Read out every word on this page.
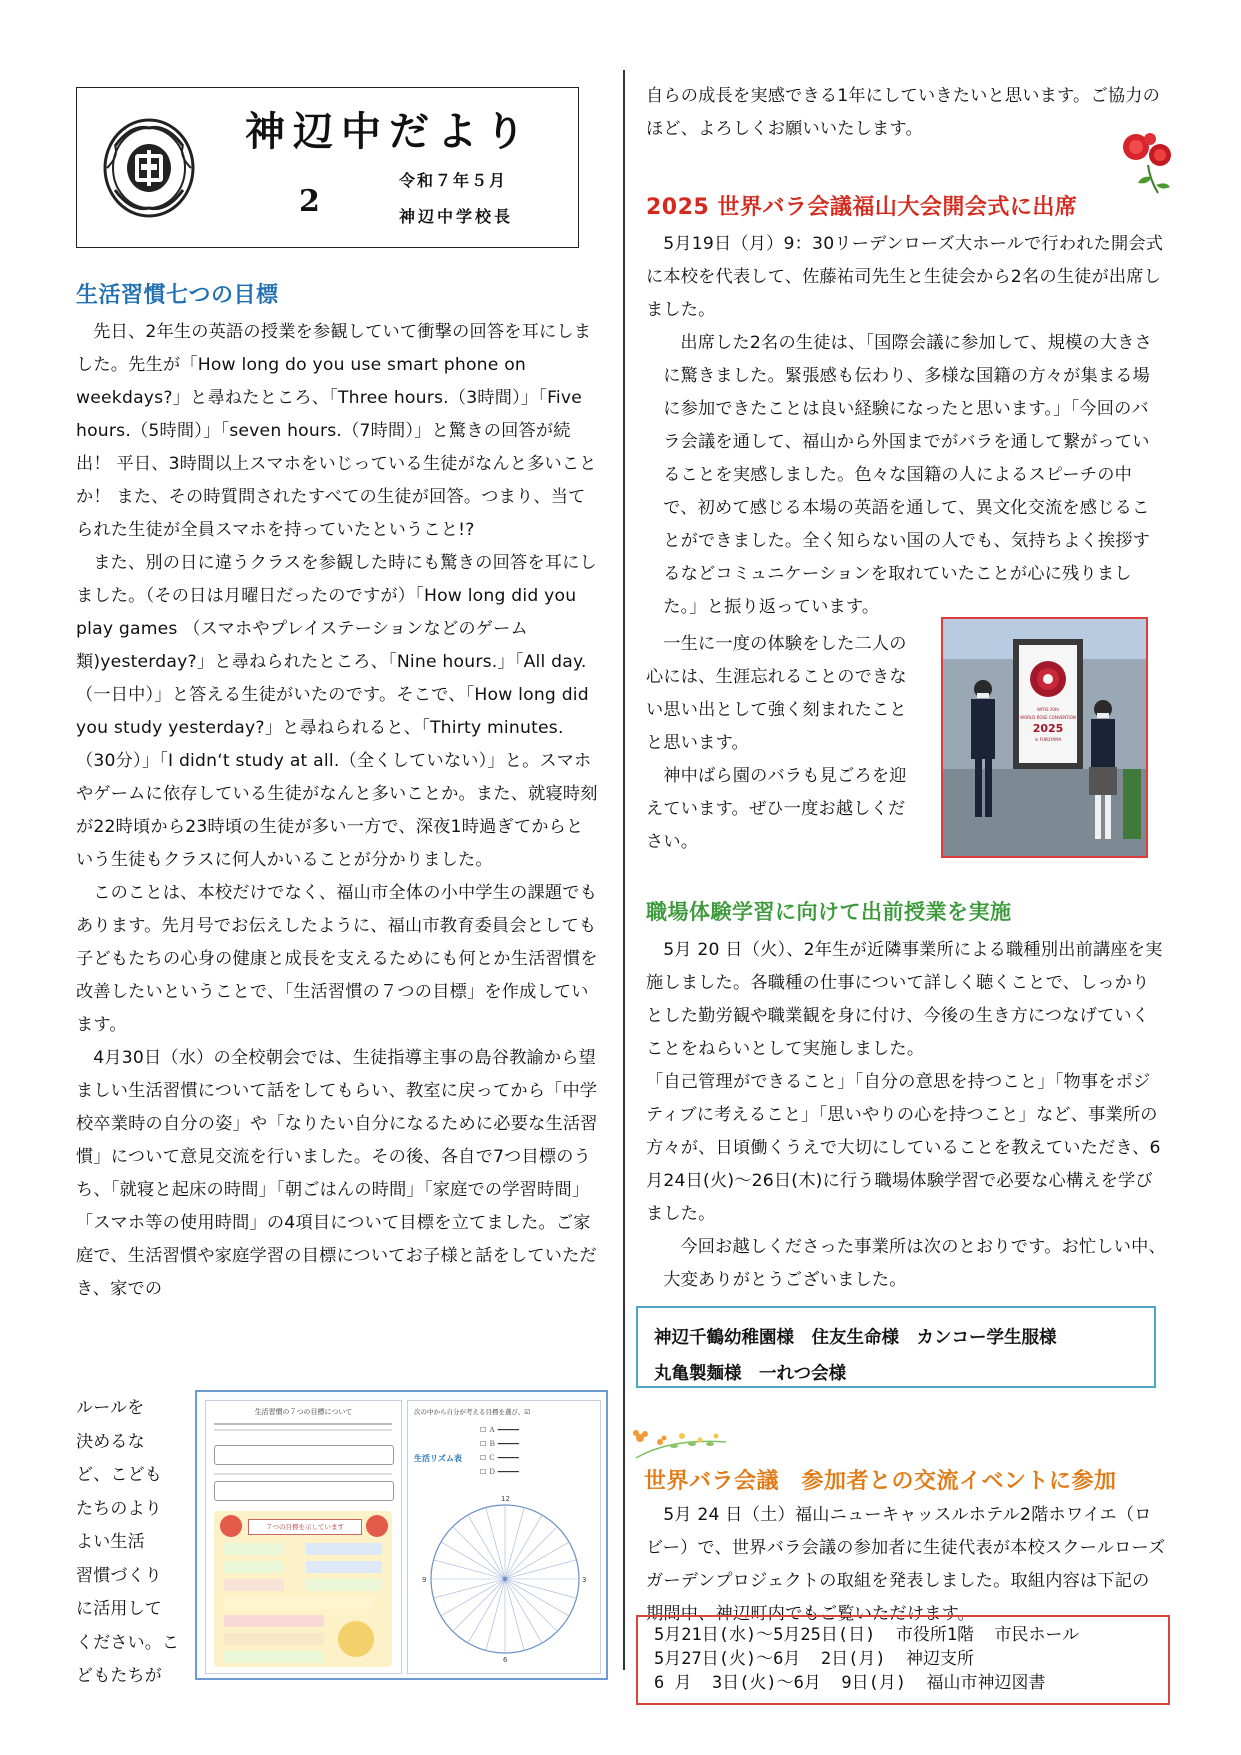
神辺中だより
2
令和７年５月
神辺中学校長
生活習慣七つの目標

先日、2年生の英語の授業を参観していて衝撃の回答を耳にしました。先生が「How long do you use smart phone on weekdays?」と尋ねたところ、「Three hours.（3時間）」「Five hours.（5時間）」「seven hours.（7時間）」と驚きの回答が続出！ 平日、3時間以上スマホをいじっている生徒がなんと多いことか！ また、その時質問されたすべての生徒が回答。つまり、当てられた生徒が全員スマホを持っていたということ!?

また、別の日に違うクラスを参観した時にも驚きの回答を耳にしました。（その日は月曜日だったのですが）「How long did you play games （スマホやプレイステーションなどのゲーム類)yesterday?」と尋ねられたところ、「Nine hours.」「All day.（一日中）」と答える生徒がいたのです。そこで、「How long did you study yesterday?」と尋ねられると、「Thirty minutes.（30分）」「I didn‘t study at all.（全くしていない）」と。スマホやゲームに依存している生徒がなんと多いことか。また、就寝時刻が22時頃から23時頃の生徒が多い一方で、深夜1時過ぎてからという生徒もクラスに何人かいることが分かりました。

このことは、本校だけでなく、福山市全体の小中学生の課題でもあります。先月号でお伝えしたように、福山市教育委員会としても子どもたちの心身の健康と成長を支えるためにも何とか生活習慣を改善したいということで、「生活習慣の７つの目標」を作成しています。

4月30日（水）の全校朝会では、生徒指導主事の島谷教諭から望ましい生活習慣について話をしてもらい、教室に戻ってから「中学校卒業時の自分の姿」や「なりたい自分になるために必要な生活習慣」について意見交流を行いました。その後、各自で7つ目標のうち、「就寝と起床の時間」「朝ごはんの時間」「家庭での学習時間」「スマホ等の使用時間」の4項目について目標を立てました。ご家庭で、生活習慣や家庭学習の目標についてお子様と話をしていただき、家での

ルールを
決めるな
ど、こども
たちのより
よい生活
習慣づくり
に活用して
ください。こ
どもたちが
生活習慣の７つの目標について
７つの目標を示しています
次の中から自分が考える目標を選び、☑
生活リズム表
☐ Ａ ━━━━━
☐ Ｂ ━━━━━
☐ Ｃ ━━━━━
☐ Ｄ ━━━━━
12
6
9	3
自らの成長を実感できる1年にしていきたいと思います。ご協力のほど、よろしくお願いいたします。
2025 世界バラ会議福山大会開会式に出席

5月19日（月）9：30リーデンローズ大ホールで行われた開会式に本校を代表して、佐藤祐司先生と生徒会から2名の生徒が出席しました。

出席した2名の生徒は、「国際会議に参加して、規模の大きさに驚きました。緊張感も伝わり、多様な国籍の方々が集まる場に参加できたことは良い経験になったと思います。」「今回のバラ会議を通して、福山から外国までがバラを通して繋がっていることを実感しました。色々な国籍の人によるスピーチの中で、初めて感じる本場の英語を通して、異文化交流を感じることができました。全く知らない国の人でも、気持ちよく挨拶するなどコミュニケーションを取れていたことが心に残りました。」と振り返っています。

一生に一度の体験をした二人の心には、生涯忘れることのできない思い出として強く刻まれたことと思います。

神中ばら園のバラも見ごろを迎えています。ぜひ一度お越しください。

WFRS 20th
WORLD ROSE CONVENTION
2025
in FUKUYAMA
職場体験学習に向けて出前授業を実施

5月 20 日（火）、2年生が近隣事業所による職種別出前講座を実施しました。各職種の仕事について詳しく聴くことで、しっかりとした勤労観や職業観を身に付け、今後の生き方につなげていくことをねらいとして実施しました。

「自己管理ができること」「自分の意思を持つこと」「物事をポジティブに考えること」「思いやりの心を持つこと」など、事業所の方々が、日頃働くうえで大切にしていることを教えていただき、6月24日(火)～26日(木)に行う職場体験学習で必要な心構えを学びました。

今回お越しくださった事業所は次のとおりです。お忙しい中、大変ありがとうございました。

神辺千鶴幼稚園様　住友生命様　カンコー学生服様

丸亀製麺様　一れつ会様

世界バラ会議　参加者との交流イベントに参加

5月 24 日（土）福山ニューキャッスルホテル2階ホワイエ（ロビー）で、世界バラ会議の参加者に生徒代表が本校スクールローズガーデンプロジェクトの取組を発表しました。取組内容は下記の期間中、神辺町内でもご覧いただけます。

5月21日(水)～5月25日(日)  市役所1階  市民ホール

5月27日(火)～6月  2日(月)  神辺支所

6 月  3日(火)～6月  9日(月)  福山市神辺図書
